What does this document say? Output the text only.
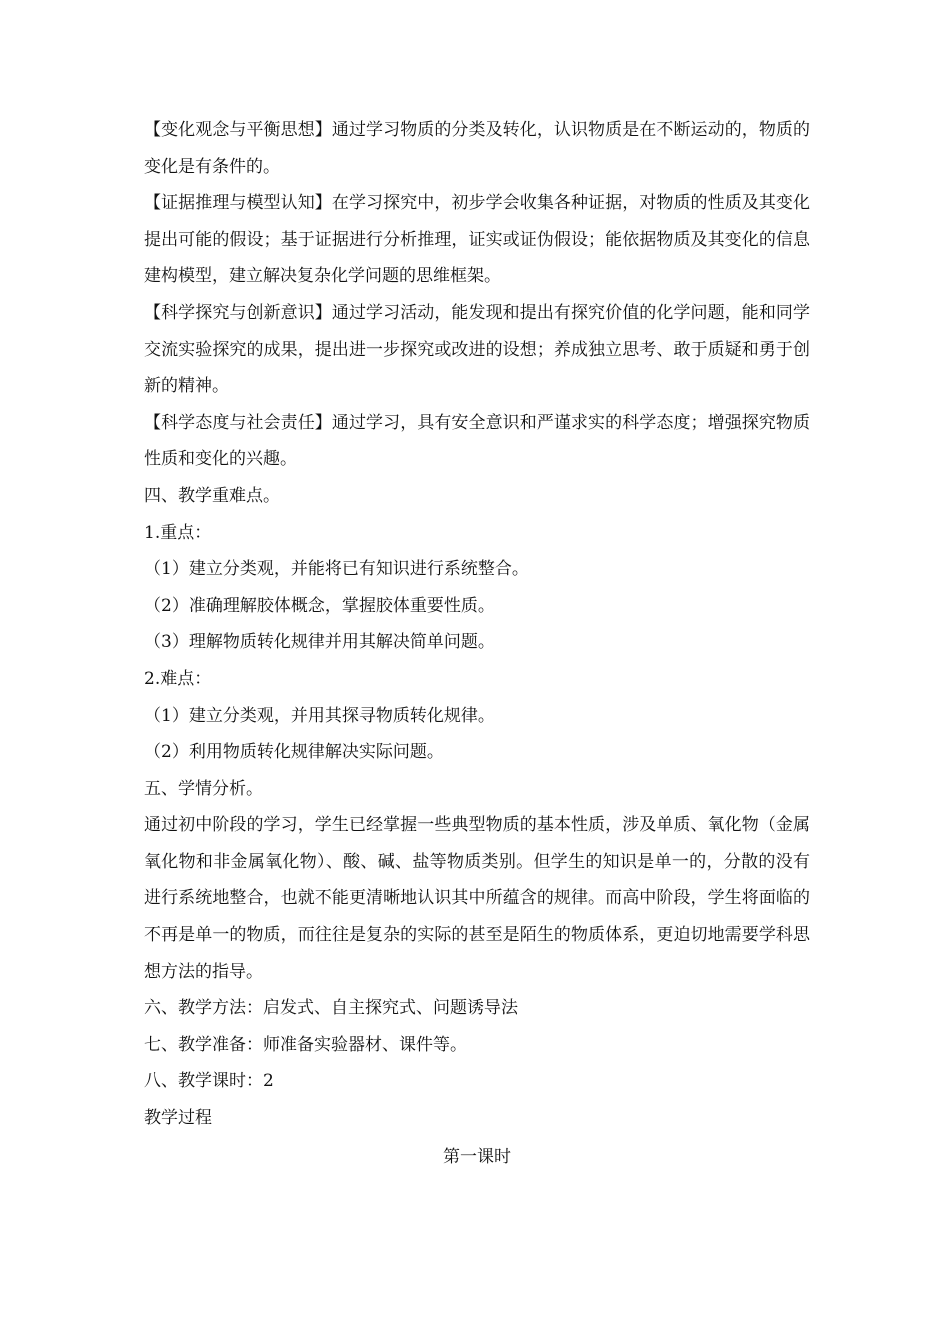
【变化观念与平衡思想】通过学习物质的分类及转化，认识物质是在不断运动的，物质的变化是有条件的。

【证据推理与模型认知】在学习探究中，初步学会收集各种证据，对物质的性质及其变化提出可能的假设；基于证据进行分析推理，证实或证伪假设；能依据物质及其变化的信息建构模型，建立解决复杂化学问题的思维框架。

【科学探究与创新意识】通过学习活动，能发现和提出有探究价值的化学问题，能和同学交流实验探究的成果，提出进一步探究或改进的设想；养成独立思考、敢于质疑和勇于创新的精神。

【科学态度与社会责任】通过学习，具有安全意识和严谨求实的科学态度；增强探究物质性质和变化的兴趣。

四、教学重难点。

1.重点：

（1）建立分类观，并能将已有知识进行系统整合。

（2）准确理解胶体概念，掌握胶体重要性质。

（3）理解物质转化规律并用其解决简单问题。

2.难点：

（1）建立分类观，并用其探寻物质转化规律。

（2）利用物质转化规律解决实际问题。

五、学情分析。

通过初中阶段的学习，学生已经掌握一些典型物质的基本性质，涉及单质、氧化物（金属氧化物和非金属氧化物）、酸、碱、盐等物质类别。但学生的知识是单一的，分散的没有进行系统地整合，也就不能更清晰地认识其中所蕴含的规律。而高中阶段，学生将面临的不再是单一的物质，而往往是复杂的实际的甚至是陌生的物质体系，更迫切地需要学科思想方法的指导。

六、教学方法：启发式、自主探究式、问题诱导法

七、教学准备：师准备实验器材、课件等。

八、教学课时：2

教学过程

第一课时
